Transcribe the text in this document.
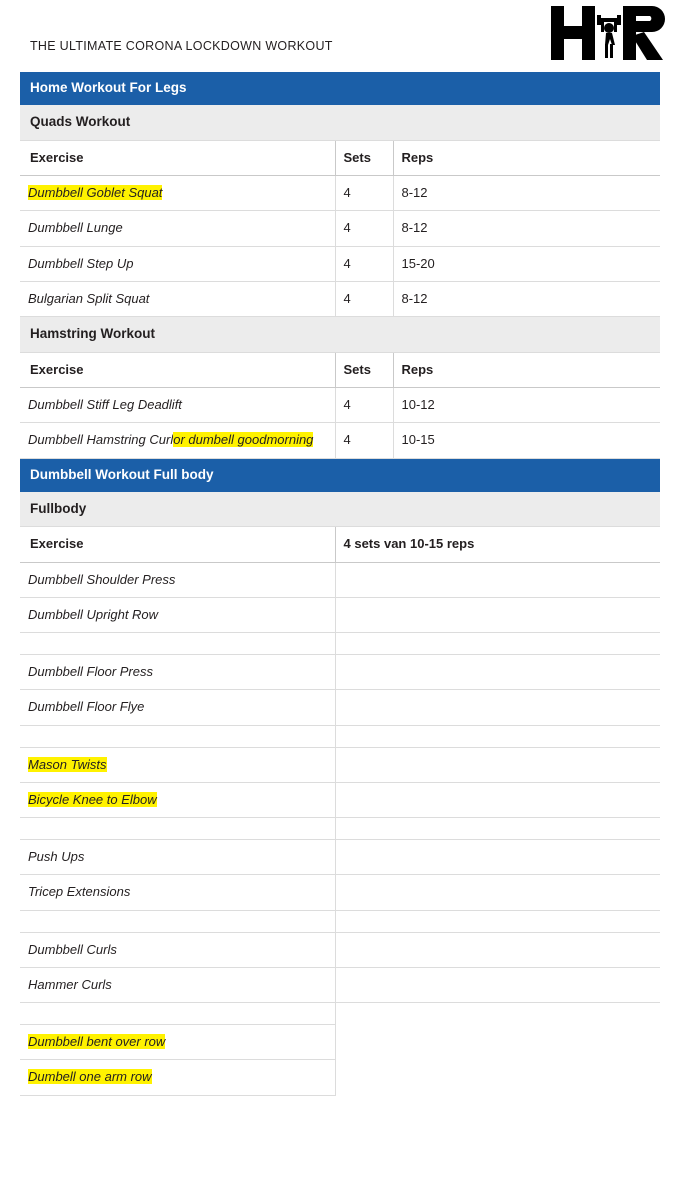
THE ULTIMATE CORONA LOCKDOWN WORKOUT
Home Workout For Legs		
Quads Workout		
Exercise	Sets	Reps
Dumbbell Goblet Squat	4	8-12
Dumbbell Lunge	4	8-12
Dumbbell Step Up	4	15-20
Bulgarian Split Squat	4	8-12
Hamstring Workout		
Exercise	Sets	Reps
Dumbbell Stiff Leg Deadlift	4	10-12
Dumbbell Hamstring Curlor dumbell goodmorning	4	10-15
Dumbbell Workout Full body		
Fullbody		
Exercise	4 sets van 10-15 reps	
Dumbbell Shoulder Press		
Dumbbell Upright Row		

Dumbbell Floor Press		
Dumbbell Floor Flye		

Mason Twists		
Bicycle Knee to Elbow		

Push Ups		
Tricep Extensions		

Dumbbell Curls		
Hammer Curls		

Dumbbell bent over row		
Dumbell one arm row		
